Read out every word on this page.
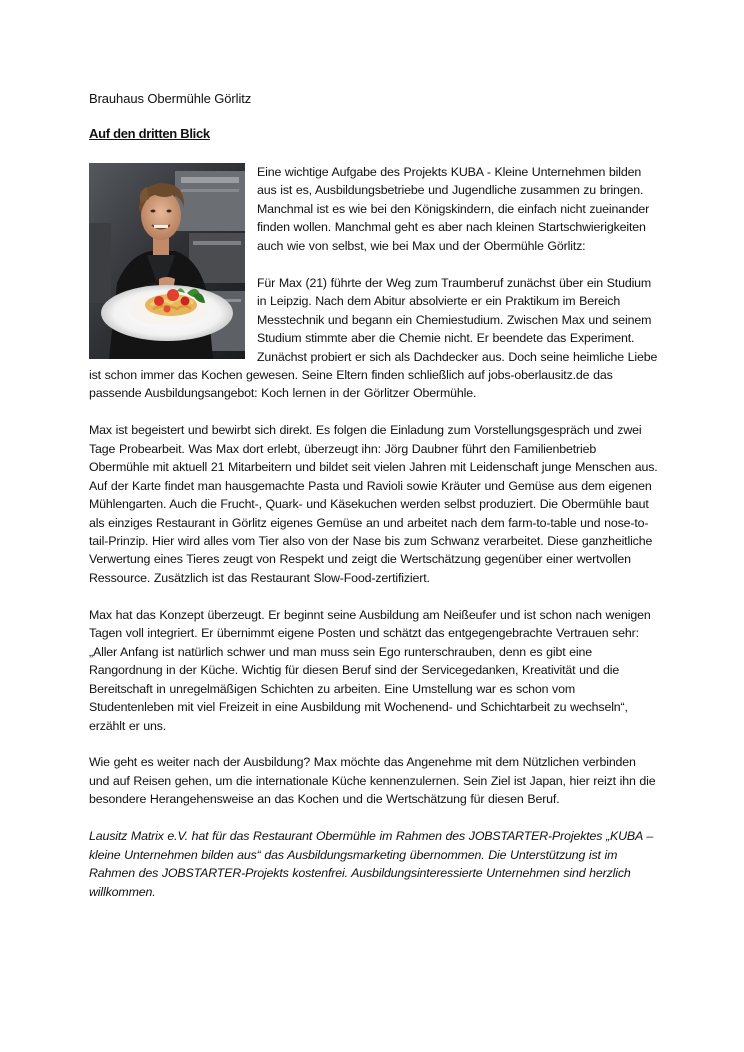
Brauhaus Obermühle Görlitz
Auf den dritten Blick

Eine wichtige Aufgabe des Projekts KUBA - Kleine Unternehmen bilden aus ist es, Ausbildungsbetriebe und Jugendliche zusammen zu bringen. Manchmal ist es wie bei den Königskindern, die einfach nicht zueinander finden wollen. Manchmal geht es aber nach kleinen Startschwierigkeiten auch wie von selbst, wie bei Max und der Obermühle Görlitz:

Für Max (21) führte der Weg zum Traumberuf zunächst über ein Studium in Leipzig. Nach dem Abitur absolvierte er ein Praktikum im Bereich Messtechnik und begann ein Chemiestudium. Zwischen Max und seinem Studium stimmte aber die Chemie nicht. Er beendete das Experiment. Zunächst probiert er sich als Dachdecker aus. Doch seine heimliche Liebe ist schon immer das Kochen gewesen. Seine Eltern finden schließlich auf jobs-oberlausitz.de das passende Ausbildungsangebot: Koch lernen in der Görlitzer Obermühle.

Max ist begeistert und bewirbt sich direkt. Es folgen die Einladung zum Vorstellungsgespräch und zwei Tage Probearbeit. Was Max dort erlebt, überzeugt ihn: Jörg Daubner führt den Familienbetrieb Obermühle mit aktuell 21 Mitarbeitern und bildet seit vielen Jahren mit Leidenschaft junge Menschen aus. Auf der Karte findet man hausgemachte Pasta und Ravioli sowie Kräuter und Gemüse aus dem eigenen Mühlengarten. Auch die Frucht-, Quark- und Käsekuchen werden selbst produziert. Die Obermühle baut als einziges Restaurant in Görlitz eigenes Gemüse an und arbeitet nach dem farm-to-table und nose-to-tail-Prinzip. Hier wird alles vom Tier also von der Nase bis zum Schwanz verarbeitet. Diese ganzheitliche Verwertung eines Tieres zeugt von Respekt und zeigt die Wertschätzung gegenüber einer wertvollen Ressource. Zusätzlich ist das Restaurant Slow-Food-zertifiziert.

Max hat das Konzept überzeugt. Er beginnt seine Ausbildung am Neißeufer und ist schon nach wenigen Tagen voll integriert. Er übernimmt eigene Posten und schätzt das entgegengebrachte Vertrauen sehr: „Aller Anfang ist natürlich schwer und man muss sein Ego runterschrauben, denn es gibt eine Rangordnung in der Küche. Wichtig für diesen Beruf sind der Servicegedanken, Kreativität und die Bereitschaft in unregelmäßigen Schichten zu arbeiten. Eine Umstellung war es schon vom Studentenleben mit viel Freizeit in eine Ausbildung mit Wochenend- und Schichtarbeit zu wechseln“, erzählt er uns.

Wie geht es weiter nach der Ausbildung? Max möchte das Angenehme mit dem Nützlichen verbinden und auf Reisen gehen, um die internationale Küche kennenzulernen. Sein Ziel ist Japan, hier reizt ihn die besondere Herangehensweise an das Kochen und die Wertschätzung für diesen Beruf.

Lausitz Matrix e.V. hat für das Restaurant Obermühle im Rahmen des JOBSTARTER-Projektes „KUBA – kleine Unternehmen bilden aus“ das Ausbildungsmarketing übernommen. Die Unterstützung ist im Rahmen des JOBSTARTER-Projekts kostenfrei. Ausbildungsinteressierte Unternehmen sind herzlich willkommen.
